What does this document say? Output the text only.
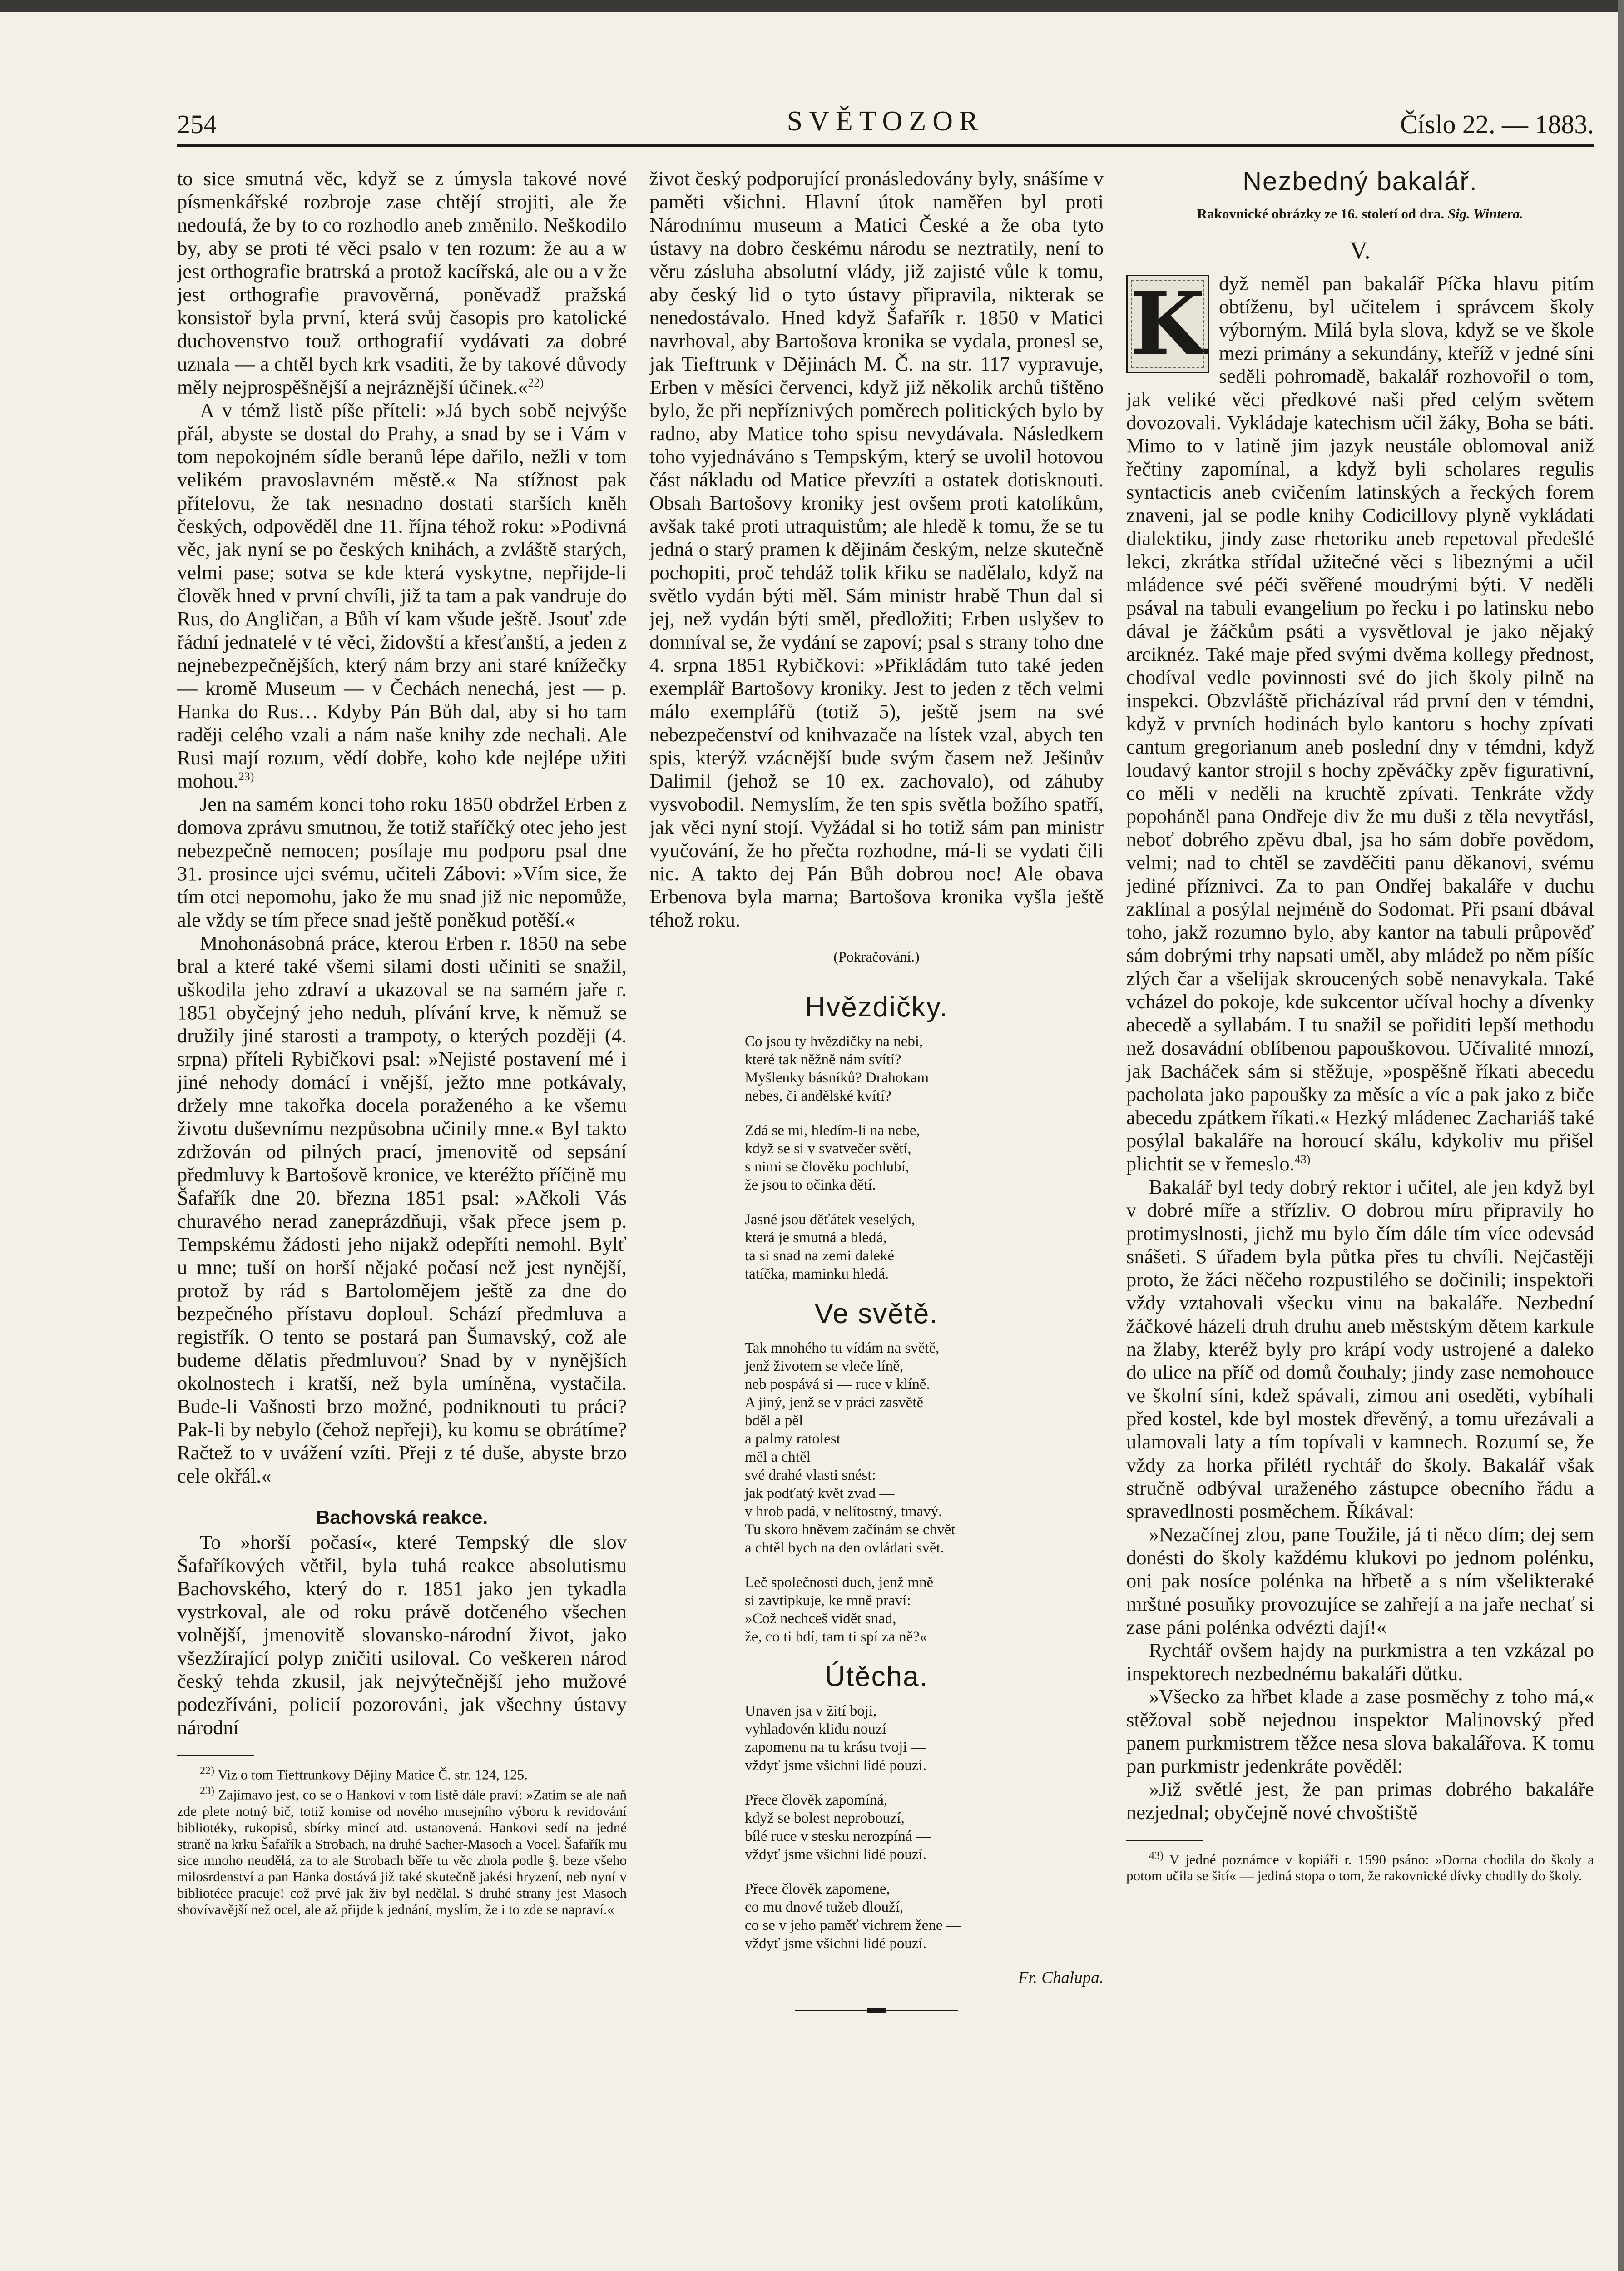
254	SVĚTOZOR	Číslo 22. — 1883.

to sice smutná věc, když se z úmysla takové nové písmenkářské rozbroje zase chtějí strojiti, ale že nedoufá, že by to co rozhodlo aneb změnilo. Neškodilo by, aby se proti té věci psalo v ten rozum: že au a w jest orthografie bratrská a protož kacířská, ale ou a v že jest orthografie pravověrná, poněvadž pražská konsistoř byla první, která svůj časopis pro katolické duchovenstvo touž orthografií vydávati za dobré uznala — a chtěl bych krk vsaditi, že by takové důvody měly nejprospěšnější a nejráznější účinek.«$^{22)}$

A v témž listě píše příteli: »Já bych sobě nejvýše přál, abyste se dostal do Prahy, a snad by se i Vám v tom nepokojném sídle beranů lépe dařilo, nežli v tom velikém pravoslavném městě.« Na stížnost pak přítelovu, že tak nesnadno dostati starších kněh českých, odpověděl dne 11. října téhož roku: »Podivná věc, jak nyní se po českých knihách, a zvláště starých, velmi pase; sotva se kde která vyskytne, nepřijde-li člověk hned v první chvíli, již ta tam a pak vandruje do Rus, do Angličan, a Bůh ví kam všude ještě. Jsouť zde řádní jednatelé v té věci, židovští a křesťanští, a jeden z nejnebezpečnějších, který nám brzy ani staré knížečky — kromě Museum — v Čechách nenechá, jest — p. Hanka do Rus… Kdyby Pán Bůh dal, aby si ho tam raději celého vzali a nám naše knihy zde nechali. Ale Rusi mají rozum, vědí dobře, koho kde nejlépe užiti mohou.$^{23)}$

Jen na samém konci toho roku 1850 obdržel Erben z domova zprávu smutnou, že totiž staříčký otec jeho jest nebezpečně nemocen; posílaje mu podporu psal dne 31. prosince ujci svému, učiteli Zábovi: »Vím sice, že tím otci nepomohu, jako že mu snad již nic nepomůže, ale vždy se tím přece snad ještě poněkud potěší.«

Mnohonásobná práce, kterou Erben r. 1850 na sebe bral a které také všemi silami dosti učiniti se snažil, uškodila jeho zdraví a ukazoval se na samém jaře r. 1851 obyčejný jeho neduh, plívání krve, k němuž se družily jiné starosti a trampoty, o kterých později (4. srpna) příteli Rybičkovi psal: »Nejisté postavení mé i jiné nehody domácí i vnější, ježto mne potkávaly, držely mne takořka docela poraženého a ke všemu životu duševnímu nezpůsobna učinily mne.« Byl takto zdržován od pilných prací, jmenovitě od sepsání předmluvy k Bartošově kronice, ve kteréžto příčině mu Šafařík dne 20. března 1851 psal: »Ačkoli Vás churavého nerad zaneprázdňuji, však přece jsem p. Tempskému žádosti jeho nijakž odepříti nemohl. Bylť u mne; tuší on horší nějaké počasí než jest nynější, protož by rád s Bartolomějem ještě za dne do bezpečného přístavu doploul. Schází předmluva a registřík. O tento se postará pan Šumavský, což ale budeme dělatis předmluvou? Snad by v nynějších okolnostech i kratší, než byla umíněna, vystačila. Bude-li Vašnosti brzo možné, podniknouti tu práci? Pak-li by nebylo (čehož nepřeji), ku komu se obrátíme? Račtež to v uvážení vzíti. Přeji z té duše, abyste brzo cele okřál.«

Bachovská reakce.

To »horší počasí«, které Tempský dle slov Šafaříkových větřil, byla tuhá reakce absolutismu Bachovského, který do r. 1851 jako jen tykadla vystrkoval, ale od roku právě dotčeného všechen volnější, jmenovitě slovansko-národní život, jako všezžírající polyp zničiti usiloval. Co veškeren národ český tehda zkusil, jak nejvýtečnější jeho mužové podezříváni, policií pozorováni, jak všechny ústavy národní

$^{22)}$ Viz o tom Tieftrunkovy Dějiny Matice Č. str. 124, 125.

$^{23)}$ Zajímavo jest, co se o Hankovi v tom listě dále praví: »Zatím se ale naň zde plete notný bič, totiž komise od nového musejního výboru k revidování bibliotéky, rukopisů, sbírky mincí atd. ustanovená. Hankovi sedí na jedné straně na krku Šafařík a Strobach, na druhé Sacher-Masoch a Vocel. Šafařík mu sice mnoho neudělá, za to ale Strobach běře tu věc zhola podle §. beze všeho milosrdenství a pan Hanka dostává již také skutečně jakési hryzení, neb nyní v bibliotéce pracuje! což prvé jak živ byl nedělal. S druhé strany jest Masoch shovívavější než ocel, ale až přijde k jednání, myslím, že i to zde se napraví.«

život český podporující pronásledovány byly, snášíme v paměti všichni. Hlavní útok naměřen byl proti Národnímu museum a Matici České a že oba tyto ústavy na dobro českému národu se neztratily, není to věru zásluha absolutní vlády, již zajisté vůle k tomu, aby český lid o tyto ústavy připravila, nikterak se nenedostávalo. Hned když Šafařík r. 1850 v Matici navrhoval, aby Bartošova kronika se vydala, pronesl se, jak Tieftrunk v Dějinách M. Č. na str. 117 vypravuje, Erben v měsíci červenci, když již několik archů tištěno bylo, že při nepříznivých poměrech politických bylo by radno, aby Matice toho spisu nevydávala. Následkem toho vyjednáváno s Tempským, který se uvolil hotovou část nákladu od Matice převzíti a ostatek dotisknouti. Obsah Bartošovy kroniky jest ovšem proti katolíkům, avšak také proti utraquistům; ale hledě k tomu, že se tu jedná o starý pramen k dějinám českým, nelze skutečně pochopiti, proč tehdáž tolik křiku se nadělalo, když na světlo vydán býti měl. Sám ministr hrabě Thun dal si jej, než vydán býti směl, předložiti; Erben uslyšev to domníval se, že vydání se zapoví; psal s strany toho dne 4. srpna 1851 Rybičkovi: »Přikládám tuto také jeden exemplář Bartošovy kroniky. Jest to jeden z těch velmi málo exemplářů (totiž 5), ještě jsem na své nebezpečenství od knihvazače na lístek vzal, abych ten spis, kterýž vzácnější bude svým časem než Ješinův Dalimil (jehož se 10 ex. zachovalo), od záhuby vysvobodil. Nemyslím, že ten spis světla božího spatří, jak věci nyní stojí. Vyžádal si ho totiž sám pan ministr vyučování, že ho přečta rozhodne, má-li se vydati čili nic. A takto dej Pán Bůh dobrou noc! Ale obava Erbenova byla marna; Bartošova kronika vyšla ještě téhož roku.

(Pokračování.)
Hvězdičky.
Co jsou ty hvězdičky na nebi,
které tak něžně nám svítí?
Myšlenky básníků? Drahokam
nebes, či andělské kvítí?
Zdá se mi, hledím-li na nebe,
když se si v svatvečer světí,
s nimi se člověku pochlubí,
že jsou to očinka dětí.
Jasné jsou děťátek veselých,
která je smutná a bledá,
ta si snad na zemi daleké
tatíčka, maminku hledá.
Ve světě.
Tak mnohého tu vídám na světě,
jenž životem se vleče líně,
neb pospává si — ruce v klíně.
A jiný, jenž se v práci zasvětě
bděl a pěl
a palmy ratolest
měl a chtěl
své drahé vlasti snést:
jak podťatý květ zvad —
v hrob padá, v nelítostný, tmavý.
Tu skoro hněvem začínám se chvět
a chtěl bych na den ovládati svět.
Leč společnosti duch, jenž mně
si zavtipkuje, ke mně praví:
»Což nechceš vidět snad,
že, co ti bdí, tam ti spí za ně?«
Útěcha.
Unaven jsa v žití boji,
vyhladovén klidu nouzí
zapomenu na tu krásu tvoji —
vždyť jsme všichni lidé pouzí.
Přece člověk zapomíná,
když se bolest neprobouzí,
bílé ruce v stesku nerozpíná —
vždyť jsme všichni lidé pouzí.
Přece člověk zapomene,
co mu dnové tužeb dlouží,
co se v jeho paměť vichrem žene —
vždyť jsme všichni lidé pouzí.
Fr. Chalupa.
Nezbedný bakalář.
Rakovnické obrázky ze 16. století od dra. Sig. Wintera.
V.

K dyž neměl pan bakalář Píčka hlavu pitím obtíženu, byl učitelem i správcem školy výborným. Milá byla slova, když se ve škole mezi primány a sekundány, kteříž v jedné síni seděli pohromadě, bakalář rozhovořil o tom, jak veliké věci předkové naši před celým světem dovozovali. Vykládaje katechism učil žáky, Boha se báti. Mimo to v latině jim jazyk neustále oblomoval aniž řečtiny zapomínal, a když byli scholares regulis syntacticis aneb cvičením latinských a řeckých forem znaveni, jal se podle knihy Codicillovy plyně vykládati dialektiku, jindy zase rhetoriku aneb repetoval předešlé lekci, zkrátka střídal užitečné věci s libeznými a učil mládence své péči svěřené moudrými býti. V neděli psával na tabuli evangelium po řecku i po latinsku nebo dával je žáčkům psáti a vysvětloval je jako nějaký arciknéz. Také maje před svými dvěma kollegy přednost, chodíval vedle povinnosti své do jich školy pilně na inspekci. Obzvláště přicházíval rád první den v témdni, když v prvních hodinách bylo kantoru s hochy zpívati cantum gregorianum aneb poslední dny v témdni, když loudavý kantor strojil s hochy zpěváčky zpěv figurativní, co měli v neděli na kruchtě zpívati. Tenkráte vždy popoháněl pana Ondřeje div že mu duši z těla nevytřásl, neboť dobrého zpěvu dbal, jsa ho sám dobře povědom, velmi; nad to chtěl se zavděčiti panu děkanovi, svému jediné příznivci. Za to pan Ondřej bakaláře v duchu zaklínal a posýlal nejméně do Sodomat. Při psaní dbával toho, jakž rozumno bylo, aby kantor na tabuli průpověď sám dobrými trhy napsati uměl, aby mládež po něm píšíc zlých čar a všelijak skroucených sobě nenavykala. Také vcházel do pokoje, kde sukcentor učíval hochy a dívenky abecedě a syllabám. I tu snažil se pořiditi lepší methodu než dosavádní oblíbenou papouškovou. Učívalité mnozí, jak Bacháček sám si stěžuje, »pospěšně říkati abecedu pacholata jako papoušky za měsíc a víc a pak jako z biče abecedu zpátkem říkati.« Hezký mládenec Zachariáš také posýlal bakaláře na horoucí skálu, kdykoliv mu přišel plichtit se v řemeslo.$^{43)}$

Bakalář byl tedy dobrý rektor i učitel, ale jen když byl v dobré míře a střízliv. O dobrou míru připravily ho protimyslnosti, jichž mu bylo čím dále tím více odevsád snášeti. S úřadem byla půtka přes tu chvíli. Nejčastěji proto, že žáci něčeho rozpustilého se dočinili; inspektoři vždy vztahovali všecku vinu na bakaláře. Nezbední žáčkové házeli druh druhu aneb městským dětem karkule na žlaby, kteréž byly pro krápí vody ustrojené a daleko do ulice na příč od domů čouhaly; jindy zase nemohouce ve školní síni, kdež spávali, zimou ani oseděti, vybíhali před kostel, kde byl mostek dřevěný, a tomu uřezávali a ulamovali laty a tím topívali v kamnech. Rozumí se, že vždy za horka přilétl rychtář do školy. Bakalář však stručně odbýval uraženého zástupce obecního řádu a spravedlnosti posměchem. Říkával:

»Nezačínej zlou, pane Toužile, já ti něco dím; dej sem donésti do školy každému klukovi po jednom polénku, oni pak nosíce polénka na hřbetě a s ním všelikteraké mrštné posuňky provozujíce se zahřejí a na jaře nechať si zase páni polénka odvézti dají!«

Rychtář ovšem hajdy na purkmistra a ten vzkázal po inspektorech nezbednému bakaláři důtku.

»Všecko za hřbet klade a zase posměchy z toho má,« stěžoval sobě nejednou inspektor Malinovský před panem purkmistrem těžce nesa slova bakalářova. K tomu pan purkmistr jedenkráte pověděl:

»Již světlé jest, že pan primas dobrého bakaláře nezjednal; obyčejně nové chvoštiště

$^{43)}$ V jedné poznámce v kopiáři r. 1590 psáno: »Dorna chodila do školy a potom učila se šití« — jediná stopa o tom, že rakovnické dívky chodily do školy.
